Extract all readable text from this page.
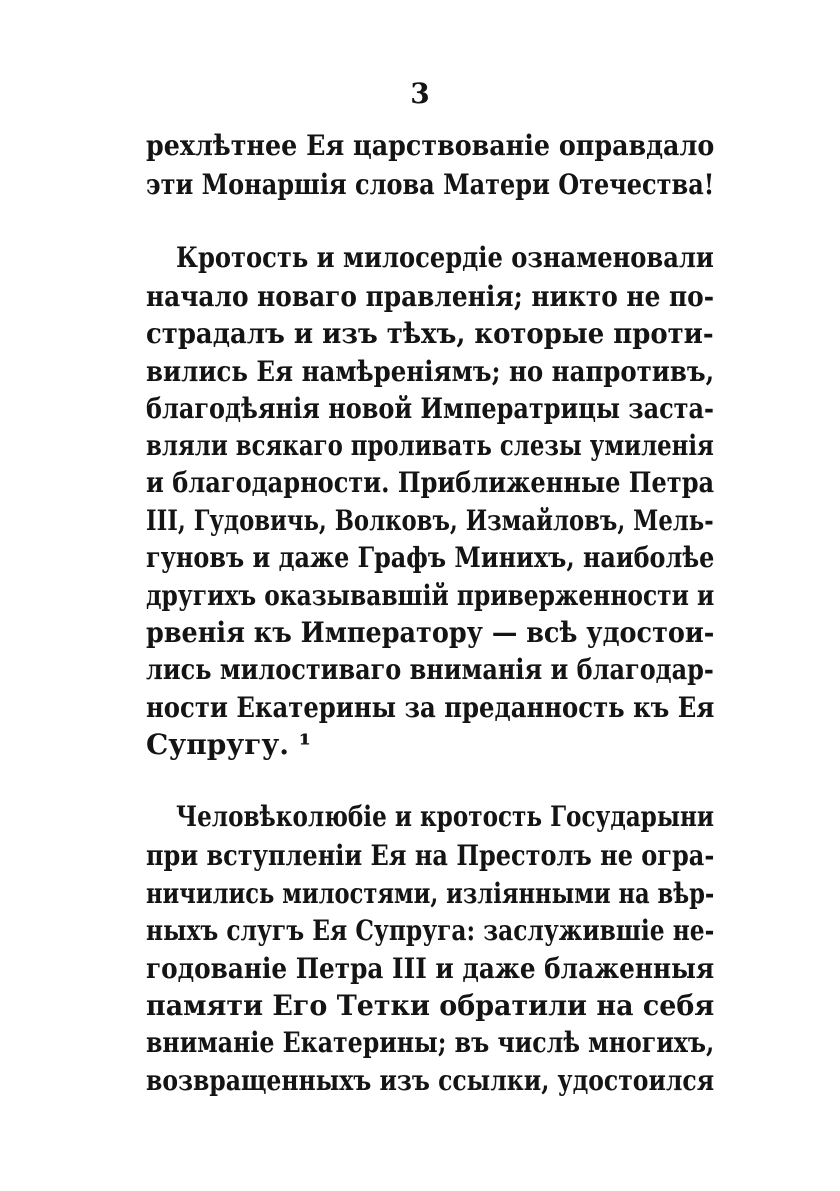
3
рехлѣтнее Ея царствованіе оправдало
эти Монаршія слова Матери Отечества!
Кротость и милосердіе ознаменовали
начало новаго правленія; никто не по-
страдалъ и изъ тѣхъ, которые проти-
вились Ея намѣреніямъ; но напротивъ,
благодѣянія новой Императрицы заста-
вляли всякаго проливать слезы умиленія
и благодарности. Приближенные Петра
III, Гудовичь, Волковъ, Измайловъ, Мель-
гуновъ и даже Графъ Минихъ, наиболѣе
другихъ оказывавшій приверженности и
рвенія къ Императору — всѣ удостои-
лись милостиваго вниманія и благодар-
ности Екатерины за преданность къ Ея
Супругу. ¹
Человѣколюбіе и кротость Государыни
при вступленіи Ея на Престолъ не огра-
ничились милостями, изліянными на вѣр-
ныхъ слугъ Ея Супруга: заслужившіе не-
годованіе Петра III и даже блаженныя
памяти Его Тетки обратили на себя
вниманіе Екатерины; въ числѣ многихъ,
возвращенныхъ изъ ссылки, удостоился
